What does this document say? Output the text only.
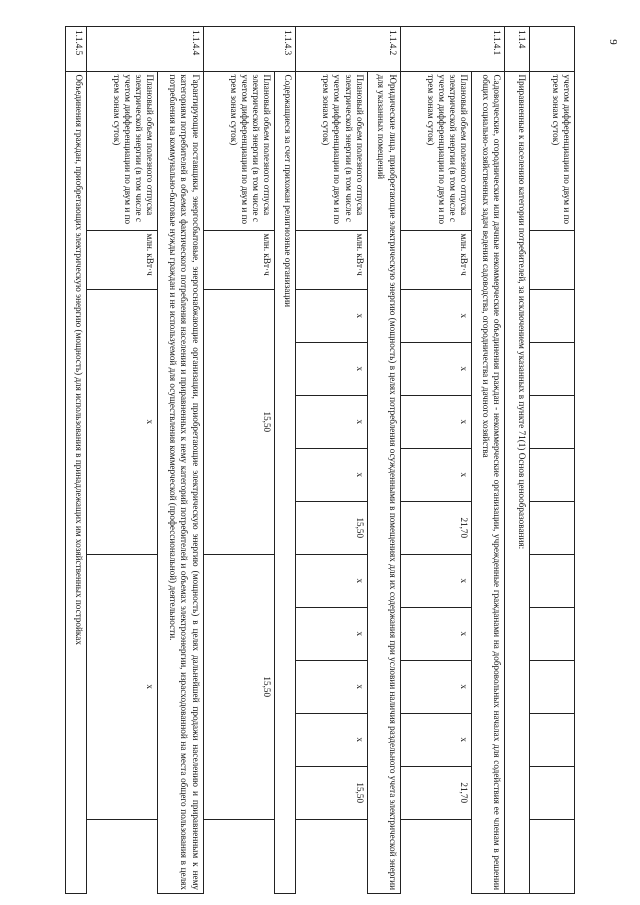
9
	учетом дифференциации по двум и по трем зонам суток)												
1.1.4	Приравненные к населению категории потребителей, за исключением указанных в пункте 71(1) Основ ценообразования:												
1.1.4.1	Садоводческие, огороднические или дачные некоммерческие объединения граждан - некоммерческие организации, учрежденные гражданами на добровольных началах для содействия ее членам в решении общих социально-хозяйственных задач ведения садоводства, огородничества и дачного хозяйства												
	Плановый объем полезного отпуска электрической энергии (в том числе с учетом дифференциации по двум и по трем зонам суток)	млн. кВт·ч	х	х	х	х	21,70	х	х	х	х	21,70	
1.1.4.2	Юридические лица, приобретающие электрическую энергию (мощность) в целях потребления осужденными в помещениях для их содержания при условии наличия раздельного учета электрической энергии для указанных помещений												
	Плановый объем полезного отпуска электрической энергии (в том числе с учетом дифференциации по двум и по трем зонам суток)	млн. кВт·ч	х	х	х	х	15,50	х	х	х	х	15,50	
1.1.4.3	Содержащиеся за счет прихожан религиозные организации												
	Плановый объем полезного отпуска электрической энергии (в том числе с учетом дифференциации по двум и по трем зонам суток)	млн. кВт·ч	15,50					15,50					
1.1.4.4	Гарантирующие поставщики, энергосбытовые, энергоснабжающие организации, приобретающие электрическую энергию (мощность) в целях дальнейшей продажи населению и приравненным к нему категориям потребителей в объемах фактического потребления населения и приравненных к нему категорий потребителей и объемах электроэнергии, израсходованной на места общего пользования в целях потребления на коммунально-бытовые нужды граждан и не используемой для осуществления коммерческой (профессиональной) деятельности.												
	Плановый объем полезного отпуска электрической энергии (в том числе с учетом дифференциации по двум и по трем зонам суток)	млн. кВт·ч	х					х					
1.1.4.5	Объединения граждан, приобретающих электрическую энергию (мощность) для использования в принадлежащих им хозяйственных постройках												
